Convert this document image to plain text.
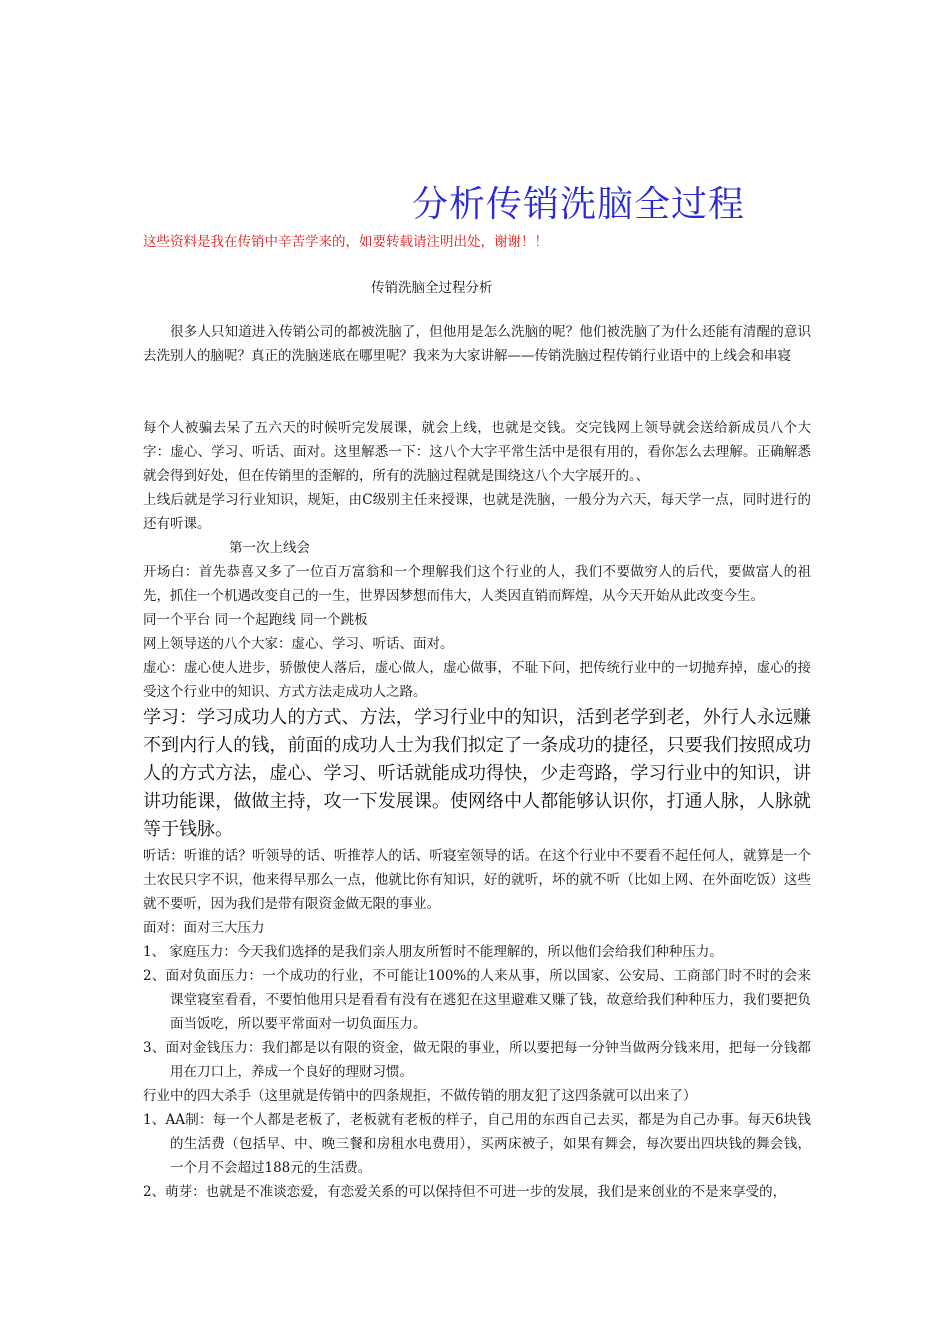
分析传销洗脑全过程
这些资料是我在传销中辛苦学来的，如要转载请注明出处，谢谢！！
传销洗脑全过程分析

很多人只知道进入传销公司的都被洗脑了，但他用是怎么洗脑的呢？他们被洗脑了为什么还能有清醒的意识去洗别人的脑呢？真正的洗脑迷底在哪里呢？我来为大家讲解——传销洗脑过程传销行业语中的上线会和串寝

每个人被骗去呆了五六天的时候听完发展课，就会上线，也就是交钱。交完钱网上领导就会送给新成员八个大字：虚心、学习、听话、面对。这里解悉一下：这八个大字平常生活中是很有用的，看你怎么去理解。正确解悉就会得到好处，但在传销里的歪解的，所有的洗脑过程就是围绕这八个大字展开的。、

上线后就是学习行业知识，规矩，由C级别主任来授课，也就是洗脑，一般分为六天，每天学一点，同时进行的还有听课。

第一次上线会

开场白：首先恭喜又多了一位百万富翁和一个理解我们这个行业的人，我们不要做穷人的后代，要做富人的祖先，抓住一个机遇改变自己的一生，世界因梦想而伟大，人类因直销而辉煌，从今天开始从此改变今生。

同一个平台 同一个起跑线 同一个跳板

网上领导送的八个大家：虚心、学习、听话、面对。

虚心：虚心使人进步，骄傲使人落后，虚心做人，虚心做事，不耻下问，把传统行业中的一切抛弃掉，虚心的接受这个行业中的知识、方式方法走成功人之路。

学习：学习成功人的方式、方法，学习行业中的知识，活到老学到老，外行人永远赚不到内行人的钱，前面的成功人士为我们拟定了一条成功的捷径，只要我们按照成功人的方式方法，虚心、学习、听话就能成功得快，少走弯路，学习行业中的知识，讲讲功能课，做做主持，攻一下发展课。使网络中人都能够认识你，打通人脉，人脉就等于钱脉。

听话：听谁的话？听领导的话、听推荐人的话、听寝室领导的话。在这个行业中不要看不起任何人，就算是一个土农民只字不识，他来得早那么一点，他就比你有知识，好的就听，坏的就不听（比如上网、在外面吃饭）这些就不要听，因为我们是带有限资金做无限的事业。

面对：面对三大压力

1、 家庭压力：今天我们选择的是我们亲人朋友所暂时不能理解的，所以他们会给我们种种压力。

2、面对负面压力：一个成功的行业，不可能让100%的人来从事，所以国家、公安局、工商部门时不时的会来课堂寝室看看，不要怕他用只是看看有没有在逃犯在这里避难又赚了钱，故意给我们种种压力，我们要把负面当饭吃，所以要平常面对一切负面压力。

3、面对金钱压力：我们都是以有限的资金，做无限的事业，所以要把每一分钟当做两分钱来用，把每一分钱都用在刀口上，养成一个良好的理财习惯。

行业中的四大杀手（这里就是传销中的四条规拒，不做传销的朋友犯了这四条就可以出来了）

1、AA制：每一个人都是老板了，老板就有老板的样子，自己用的东西自己去买，都是为自己办事。每天6块钱的生活费（包括早、中、晚三餐和房租水电费用），买两床被子，如果有舞会，每次要出四块钱的舞会钱，一个月不会超过188元的生活费。

2、萌芽：也就是不准谈恋爱，有恋爱关系的可以保持但不可进一步的发展，我们是来创业的不是来享受的，
